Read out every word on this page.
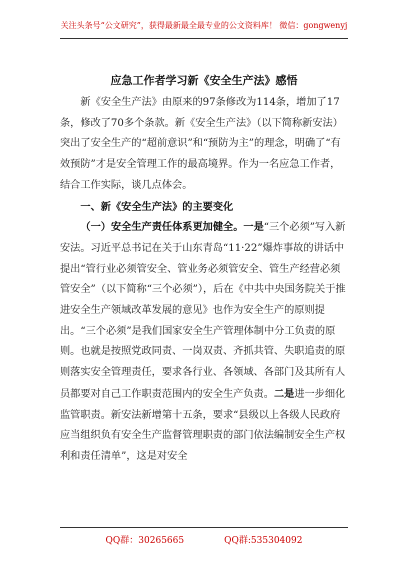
关注头条号“公文研究”，获得最新最全最专业的公文资料库！ 微信：gongwenyj
应急工作者学习新《安全生产法》感悟

新《安全生产法》由原来的97条修改为114条，增加了17条，修改了70多个条款。新《安全生产法》（以下简称新安法）突出了安全生产的“超前意识”和“预防为主”的理念，明确了“有效预防”才是安全管理工作的最高境界。作为一名应急工作者，结合工作实际，谈几点体会。

一、新《安全生产法》的主要变化

（一）安全生产责任体系更加健全。一是“三个必须”写入新安法。习近平总书记在关于山东青岛“11·22”爆炸事故的讲话中提出“管行业必须管安全、管业务必须管安全、管生产经营必须管安全”（以下简称“三个必须”），后在《中共中央国务院关于推进安全生产领域改革发展的意见》也作为安全生产的原则提出。“三个必须”是我们国家安全生产管理体制中分工负责的原则。也就是按照党政同责、一岗双责、齐抓共管、失职追责的原则落实安全管理责任，要求各行业、各领域、各部门及其所有人员都要对自己工作职责范围内的安全生产负责。二是进一步细化监管职责。新安法新增第十五条，要求“县级以上各级人民政府应当组织负有安全生产监督管理职责的部门依法编制安全生产权利和责任清单”，这是对安全

QQ群：30265665	QQ群:535304092
